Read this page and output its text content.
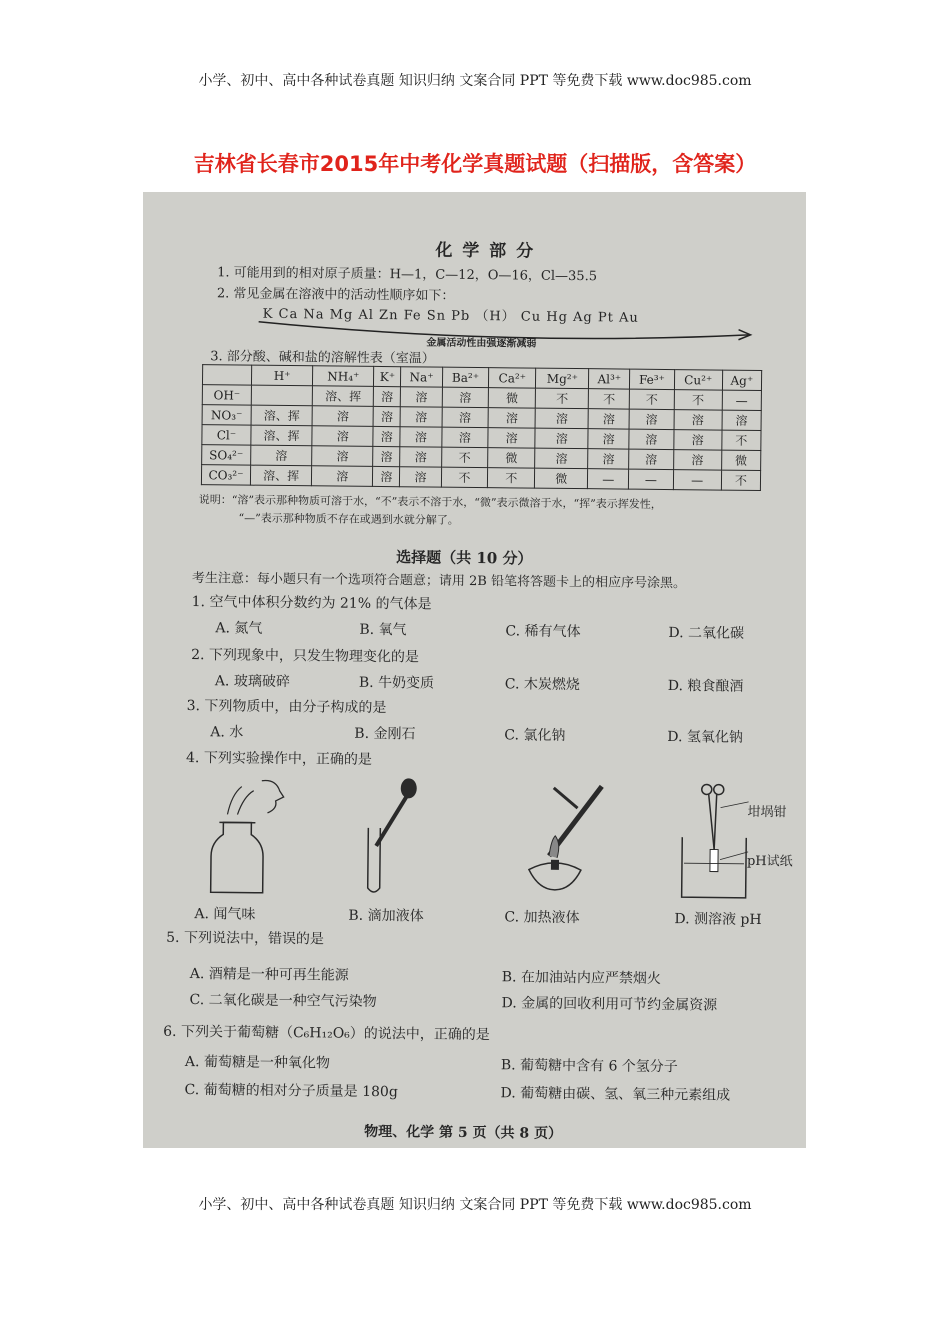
小学、初中、高中各种试卷真题 知识归纳 文案合同 PPT 等免费下载 www.doc985.com
吉林省长春市2015年中考化学真题试题（扫描版，含答案）
化 学 部 分
1. 可能用到的相对原子质量：H—1，C—12，O—16，Cl—35.5
2. 常见金属在溶液中的活动性顺序如下：
K Ca Na Mg Al Zn Fe Sn Pb （H） Cu Hg Ag Pt Au
金属活动性由强逐渐减弱
3. 部分酸、碱和盐的溶解性表（室温）
	H⁺	NH₄⁺	K⁺	Na⁺	Ba²⁺	Ca²⁺	Mg²⁺	Al³⁺	Fe³⁺	Cu²⁺	Ag⁺
OH⁻		溶、挥	溶	溶	溶	微	不	不	不	不	—
NO₃⁻	溶、挥	溶	溶	溶	溶	溶	溶	溶	溶	溶	溶
Cl⁻	溶、挥	溶	溶	溶	溶	溶	溶	溶	溶	溶	不
SO₄²⁻	溶	溶	溶	溶	不	微	溶	溶	溶	溶	微
CO₃²⁻	溶、挥	溶	溶	溶	不	不	微	—	—	—	不
说明：“溶”表示那种物质可溶于水，“不”表示不溶于水，“微”表示微溶于水，“挥”表示挥发性，
“—”表示那种物质不存在或遇到水就分解了。
选择题（共 10 分）
考生注意：每小题只有一个选项符合题意；请用 2B 铅笔将答题卡上的相应序号涂黑。
1. 空气中体积分数约为 21% 的气体是
A. 氮气	B. 氧气	C. 稀有气体	D. 二氧化碳
2. 下列现象中，只发生物理变化的是
A. 玻璃破碎	B. 牛奶变质	C. 木炭燃烧	D. 粮食酿酒
3. 下列物质中，由分子构成的是
A. 水	B. 金刚石	C. 氯化钠	D. 氢氧化钠
4. 下列实验操作中，正确的是
坩埚钳
pH试纸
A. 闻气味	B. 滴加液体	C. 加热液体	D. 测溶液 pH
5. 下列说法中，错误的是
A. 酒精是一种可再生能源	B. 在加油站内应严禁烟火
C. 二氧化碳是一种空气污染物	D. 金属的回收利用可节约金属资源
6. 下列关于葡萄糖（C₆H₁₂O₆）的说法中，正确的是
A. 葡萄糖是一种氧化物	B. 葡萄糖中含有 6 个氢分子
C. 葡萄糖的相对分子质量是 180g	D. 葡萄糖由碳、氢、氧三种元素组成
物理、化学 第 5 页（共 8 页）
小学、初中、高中各种试卷真题 知识归纳 文案合同 PPT 等免费下载 www.doc985.com
